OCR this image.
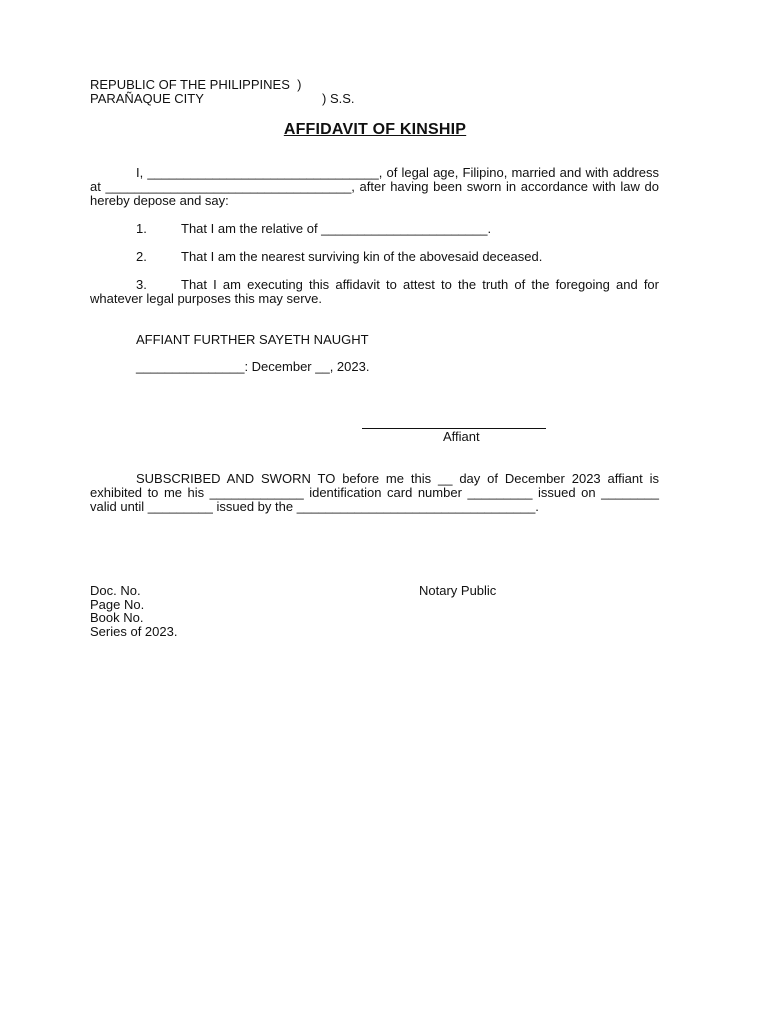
REPUBLIC OF THE PHILIPPINES  )
PARAÑAQUE CITY	) S.S.
AFFIDAVIT OF KINSHIP
I, ________________________________, of legal age, Filipino, married and with address at __________________________________, after having been sworn in accordance with law do hereby depose and say:
1.	That I am the relative of _______________________.
2.	That I am the nearest surviving kin of the abovesaid deceased.
3.	That I am executing this affidavit to attest to the truth of the foregoing and for whatever legal purposes this may serve.
AFFIANT FURTHER SAYETH NAUGHT
_______________: December __, 2023.
Affiant
SUBSCRIBED AND SWORN TO before me this __ day of December 2023 affiant is exhibited to me his _____________ identification card number _________ issued on ________ valid until _________ issued by the _________________________________.
Doc. No.	Notary Public
Page No.
Book No.
Series of 2023.
